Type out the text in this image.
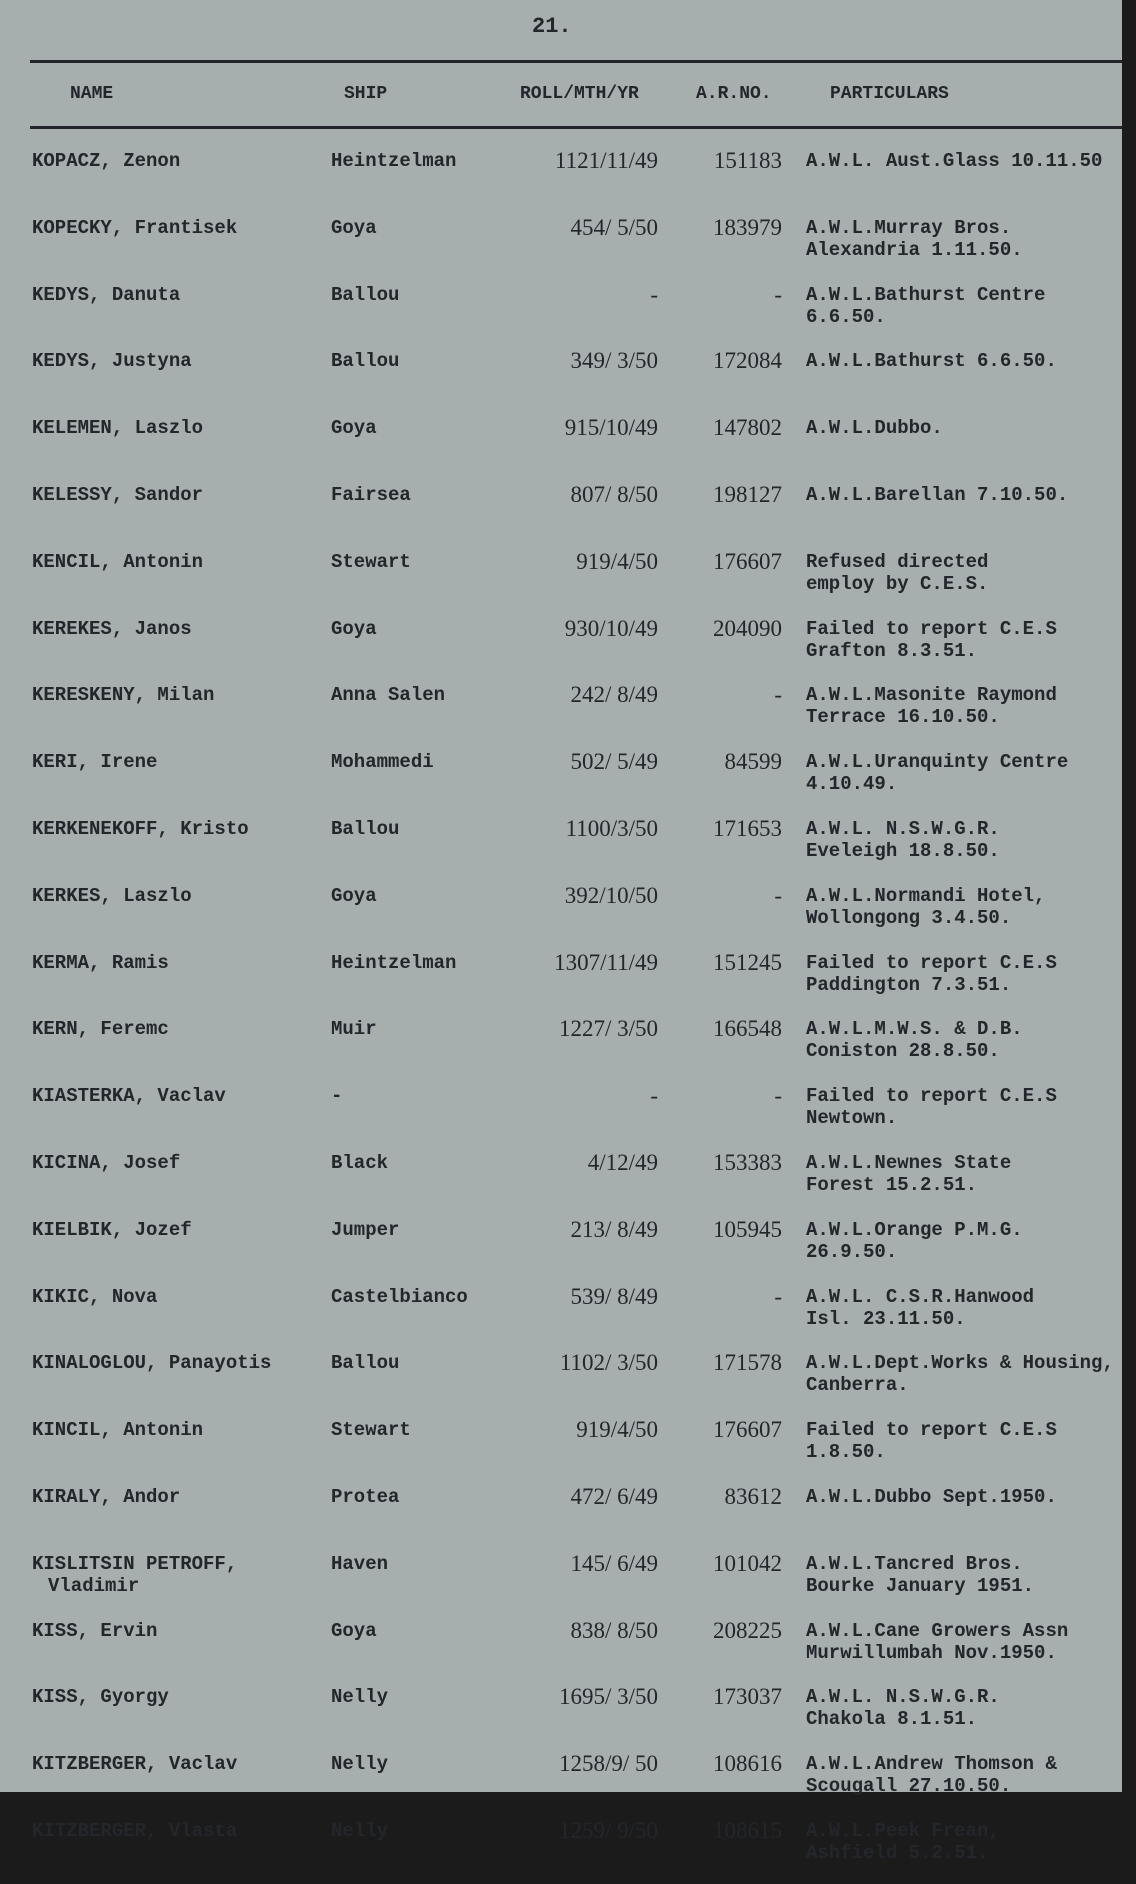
21.
NAME	SHIP	ROLL/MTH/YR	A.R.NO.	PARTICULARS
KOPACZ, Zenon	Heintzelman	1121/11/49	151183 A.W.L. Aust.Glass 10.11.50
KOPECKY, Frantisek	Goya	454/ 5/50	183979 A.W.L.Murray Bros.
Alexandria 1.11.50.
KEDYS, Danuta	Ballou	-	- A.W.L.Bathurst Centre
6.6.50.
KEDYS, Justyna	Ballou	349/ 3/50	172084 A.W.L.Bathurst 6.6.50.
KELEMEN, Laszlo	Goya	915/10/49	147802 A.W.L.Dubbo.
KELESSY, Sandor	Fairsea	807/ 8/50	198127 A.W.L.Barellan 7.10.50.
KENCIL, Antonin	Stewart	919/4/50	176607 Refused directed
employ by C.E.S.
KEREKES, Janos	Goya	930/10/49	204090 Failed to report C.E.S
Grafton 8.3.51.
KERESKENY, Milan	Anna Salen	242/ 8/49	- A.W.L.Masonite Raymond
Terrace 16.10.50.
KERI, Irene	Mohammedi	502/ 5/49	84599 A.W.L.Uranquinty Centre
4.10.49.
KERKENEKOFF, Kristo	Ballou	1100/3/50	171653 A.W.L. N.S.W.G.R.
Eveleigh 18.8.50.
KERKES, Laszlo	Goya	392/10/50	- A.W.L.Normandi Hotel,
Wollongong 3.4.50.
KERMA, Ramis	Heintzelman	1307/11/49	151245 Failed to report C.E.S
Paddington 7.3.51.
KERN, Feremc	Muir	1227/ 3/50	166548 A.W.L.M.W.S. & D.B.
Coniston 28.8.50.
KIASTERKA, Vaclav	-	-	- Failed to report C.E.S
Newtown.
KICINA, Josef	Black	4/12/49	153383 A.W.L.Newnes State
Forest 15.2.51.
KIELBIK, Jozef	Jumper	213/ 8/49	105945 A.W.L.Orange P.M.G.
26.9.50.
KIKIC, Nova	Castelbianco	539/ 8/49	- A.W.L. C.S.R.Hanwood
Isl. 23.11.50.
KINALOGLOU, Panayotis	Ballou	1102/ 3/50	171578 A.W.L.Dept.Works & Housing,
Canberra.
KINCIL, Antonin	Stewart	919/4/50	176607 Failed to report C.E.S
1.8.50.
KIRALY, Andor	Protea	472/ 6/49	83612 A.W.L.Dubbo Sept.1950.
KISLITSIN PETROFF,
Vladimir
Haven	145/ 6/49	101042 A.W.L.Tancred Bros.
Bourke January 1951.
KISS, Ervin	Goya	838/ 8/50	208225 A.W.L.Cane Growers Assn
Murwillumbah Nov.1950.
KISS, Gyorgy	Nelly	1695/ 3/50	173037 A.W.L. N.S.W.G.R.
Chakola 8.1.51.
KITZBERGER, Vaclav	Nelly	1258/9/ 50	108616 A.W.L.Andrew Thomson &
Scougall 27.10.50.
KITZBERGER, Vlasta	Nelly	1259/ 9/50	108615 A.W.L.Peek Frean,
Ashfield 5.2.51.
